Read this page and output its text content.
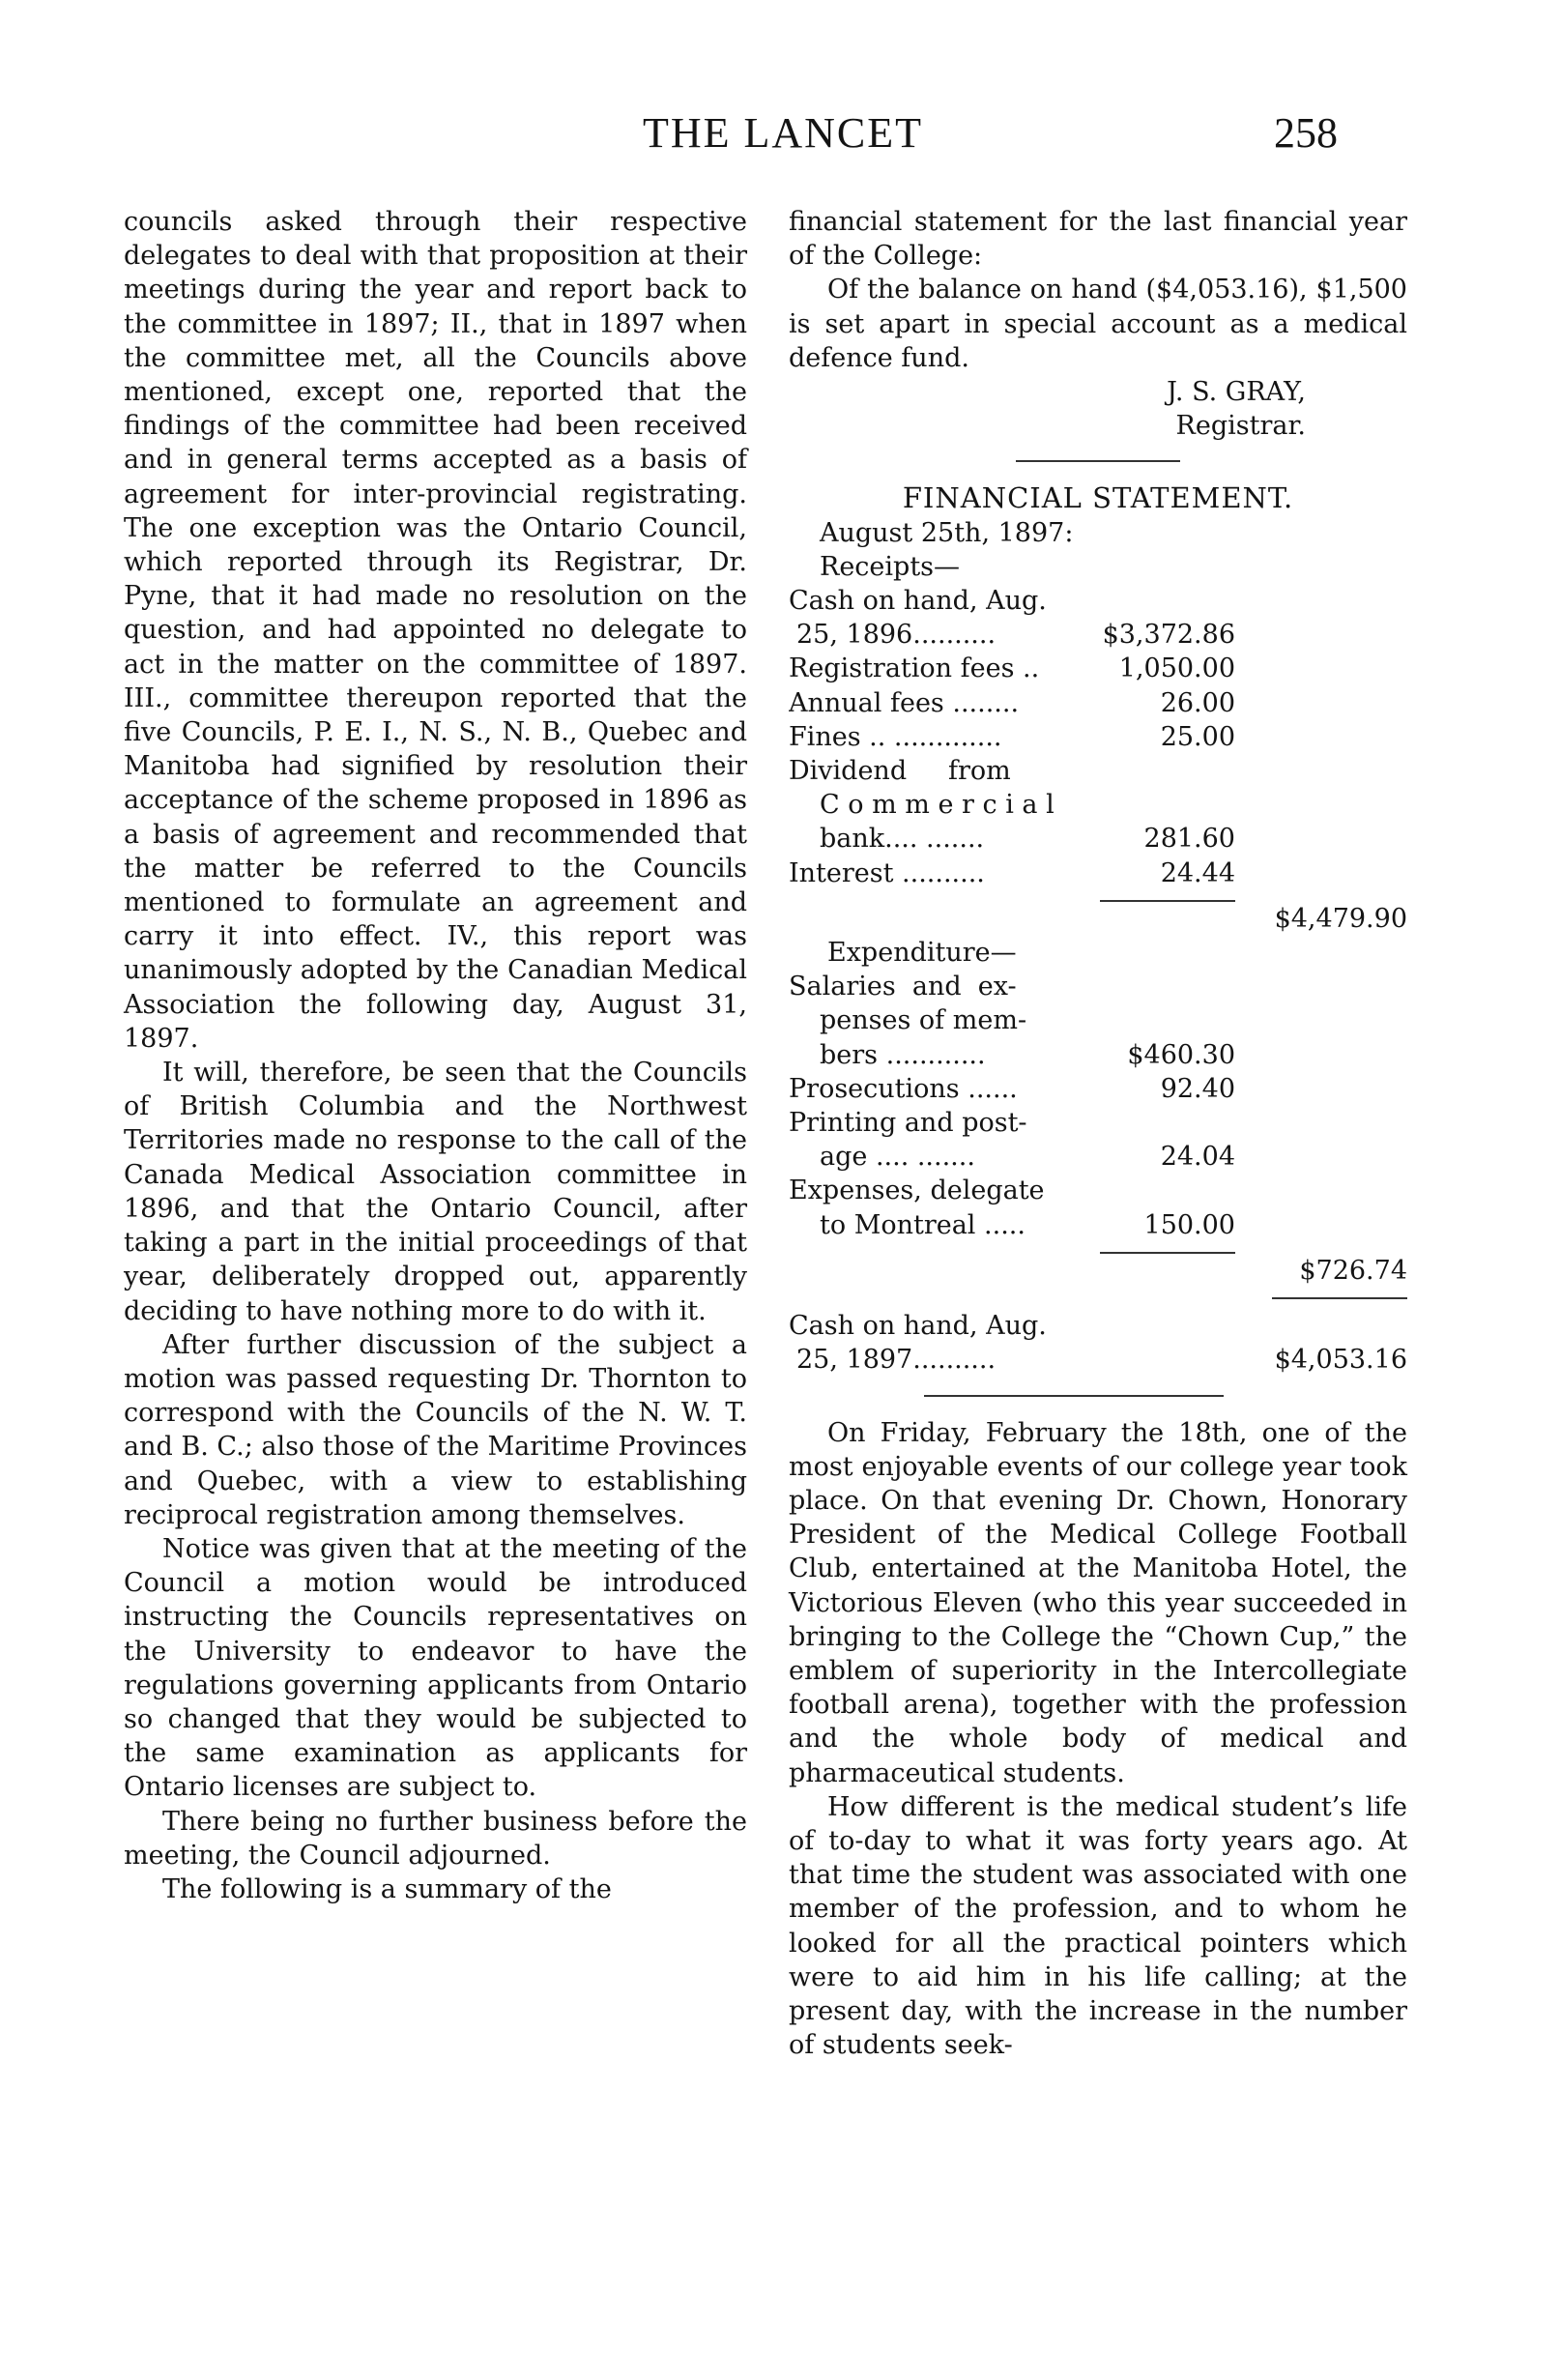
THE LANCET	258

councils asked through their respective delegates to deal with that proposition at their meetings during the year and report back to the committee in 1897; II., that in 1897 when the committee met, all the Councils above mentioned, except one, reported that the findings of the committee had been received and in general terms accepted as a basis of agreement for inter-provincial registrating. The one exception was the Ontario Council, which reported through its Registrar, Dr. Pyne, that it had made no resolution on the question, and had appointed no delegate to act in the matter on the committee of 1897. III., committee thereupon reported that the five Councils, P. E. I., N. S., N. B., Quebec and Manitoba had signified by resolution their acceptance of the scheme proposed in 1896 as a basis of agreement and recommended that the matter be referred to the Councils mentioned to formulate an agreement and carry it into effect. IV., this report was unanimously adopted by the Canadian Medical Association the following day, August 31, 1897.

It will, therefore, be seen that the Councils of British Columbia and the Northwest Territories made no response to the call of the Canada Medical Association committee in 1896, and that the Ontario Council, after taking a part in the initial proceedings of that year, deliberately dropped out, apparently deciding to have nothing more to do with it.

After further discussion of the subject a motion was passed requesting Dr. Thornton to correspond with the Councils of the N. W. T. and B. C.; also those of the Maritime Provinces and Quebec, with a view to establishing reciprocal registration among themselves.

Notice was given that at the meeting of the Council a motion would be introduced instructing the Councils representatives on the University to endeavor to have the regulations governing applicants from Ontario so changed that they would be subjected to the same examination as applicants for Ontario licenses are subject to.

There being no further business before the meeting, the Council adjourned.

The following is a summary of the

financial statement for the last financial year of the College:

Of the balance on hand ($4,053.16), $1,500 is set apart in special account as a medical defence fund.

J. S. GRAY,
Registrar.
FINANCIAL STATEMENT.
August 25th, 1897:
Receipts—
Cash on hand, Aug.
25, 1896..........	$3,372.86
Registration fees ..	1,050.00
Annual fees ........	26.00
Fines .. .............	25.00
Dividend     from
C o m m e r c i a l
bank.... .......	281.60
Interest ..........	24.44
$4,479.90
Expenditure—
Salaries  and  ex-
penses of mem-
bers ............	$460.30
Prosecutions ......	92.40
Printing and post-
age .... .......	24.04
Expenses, delegate
to Montreal .....	150.00
$726.74
Cash on hand, Aug.
25, 1897..........	$4,053.16

On Friday, February the 18th, one of the most enjoyable events of our college year took place. On that evening Dr. Chown, Honorary President of the Medical College Football Club, entertained at the Manitoba Hotel, the Victorious Eleven (who this year succeeded in bringing to the College the “Chown Cup,” the emblem of superiority in the Intercollegiate football arena), together with the profession and the whole body of medical and pharmaceutical students.

How different is the medical student’s life of to-day to what it was forty years ago. At that time the student was associated with one member of the profession, and to whom he looked for all the practical pointers which were to aid him in his life calling; at the present day, with the increase in the number of students seek-
